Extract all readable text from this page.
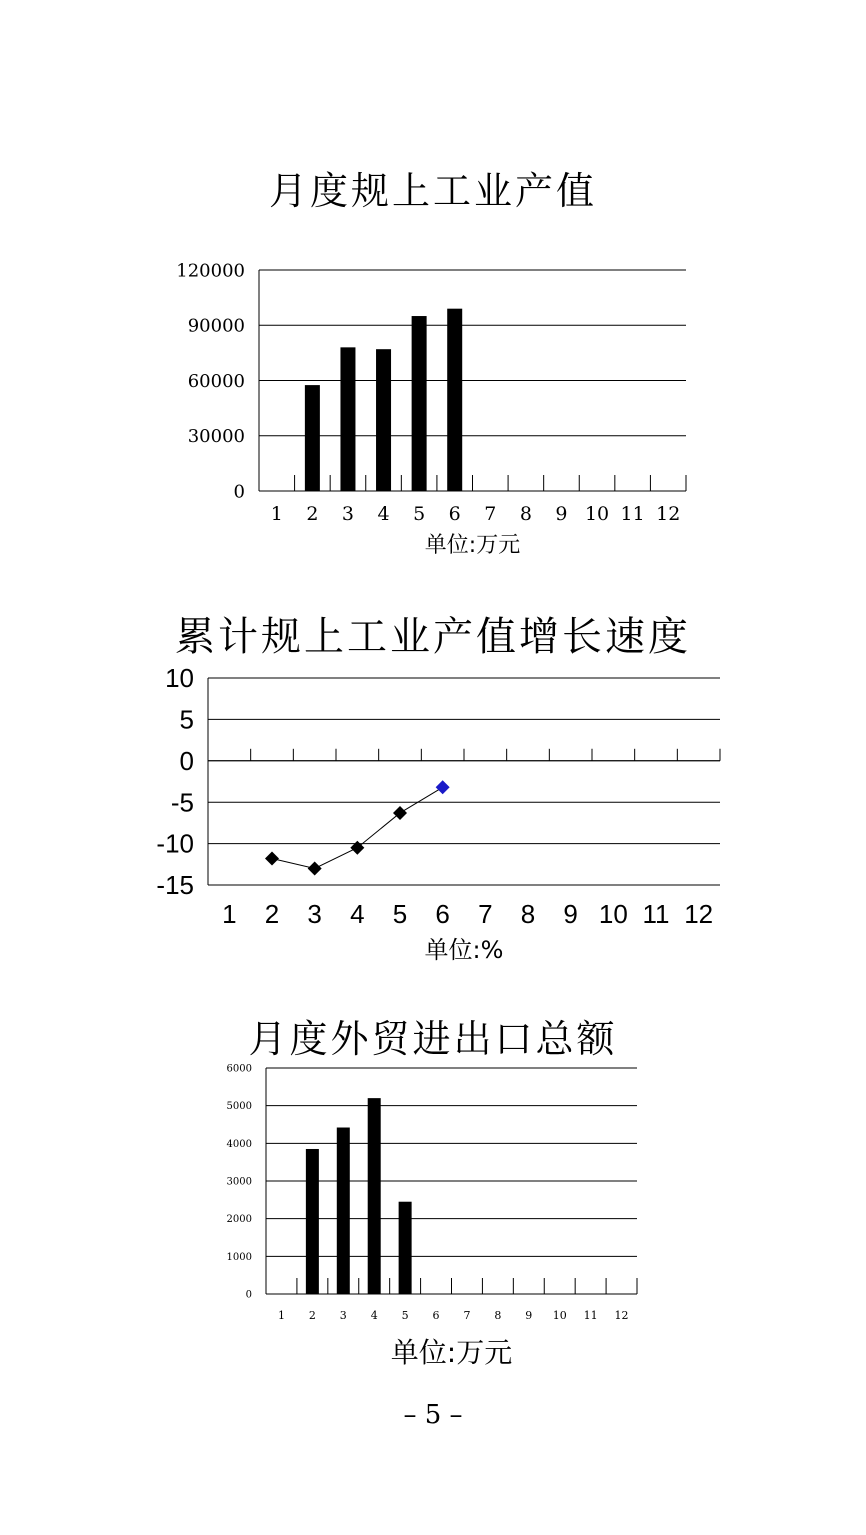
月度规上工业产值
0
30000
60000
90000
120000
1 2 3 4 5 6 7 8 9 10 11 12
单位:万元
累计规上工业产值增长速度
10
5
0
-5
-10
-15
1 2 3 4 5 6 7 8 9 10 11 12
单位:%
月度外贸进出口总额
0
1000
2000
3000
4000
5000
6000
1 2 3 4 5 6 7 8 9 10 11 12
单位:万元
– 5 –
